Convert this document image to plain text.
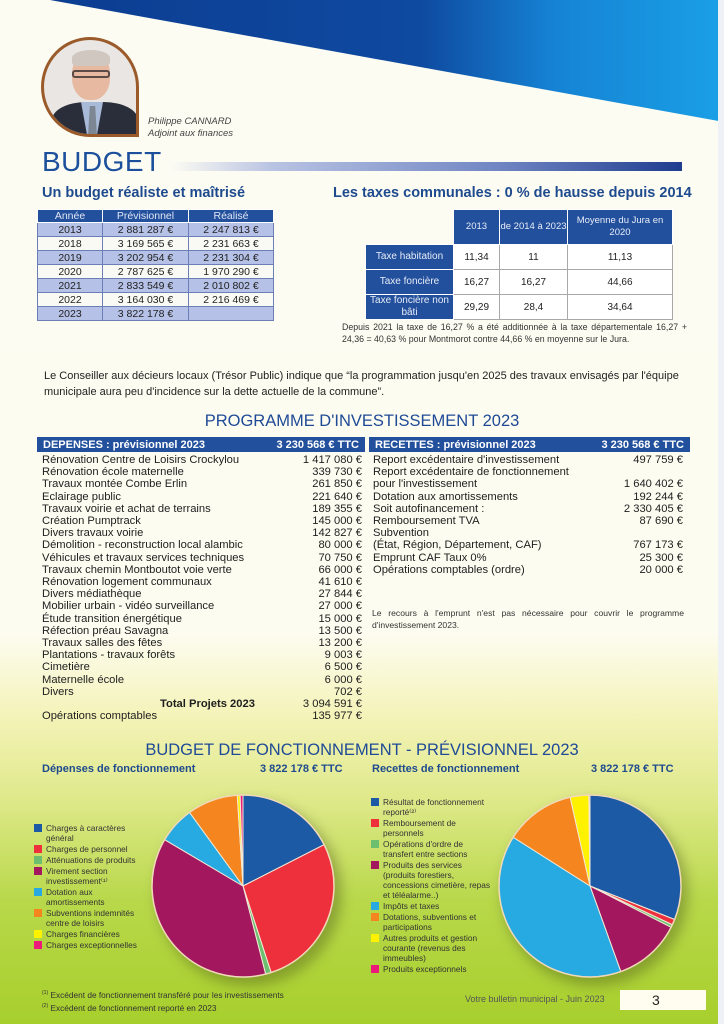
Philippe CANNARD
Adjoint aux finances
BUDGET
Un budget réaliste et maîtrisé
Année	Prévisionnel	Réalisé
2013	2 881 287 €	2 247 813 €
2018	3 169 565 €	2 231 663 €
2019	3 202 954 €	2 231 304 €
2020	2 787 625 €	1 970 290 €
2021	2 833 549 €	2 010 802 €
2022	3 164 030 €	2 216 469 €
2023	3 822 178 €	
Les taxes communales : 0 % de hausse depuis 2014
	2013	de 2014 à 2023	Moyenne du Jura en 2020
Taxe habitation	11,34	11	11,13
Taxe foncière	16,27	16,27	44,66
Taxe foncière non bâti	29,29	28,4	34,64
Depuis 2021 la taxe de 16,27 % a été additionnée à la taxe départementale 16,27 + 24,36 = 40,63 % pour Montmorot contre 44,66 % en moyenne sur le Jura.
Le Conseiller aux décieurs locaux (Trésor Public) indique que “la programmation jusqu'en 2025 des travaux envisagés par l'équipe municipale aura peu d'incidence sur la dette actuelle de la commune”.
PROGRAMME D'INVESTISSEMENT 2023
DEPENSES : prévisionnel 2023	3 230 568 € TTC
Rénovation Centre de Loisirs Crockylou	1 417 080 €
Rénovation école maternelle	339 730 €
Travaux montée Combe Erlin	261 850 €
Eclairage public	221 640 €
Travaux voirie et achat de terrains	189 355 €
Création Pumptrack	145 000 €
Divers travaux voirie	142 827 €
Démolition - reconstruction local alambic	80 000 €
Véhicules et travaux services techniques	70 750 €
Travaux chemin Montboutot voie verte	66 000 €
Rénovation logement communaux	41 610 €
Divers médiathèque	27 844 €
Mobilier urbain - vidéo surveillance	27 000 €
Étude transition énergétique	15 000 €
Réfection préau Savagna	13 500 €
Travaux salles des fêtes	13 200 €
Plantations - travaux forêts	9 003 €
Cimetière	6 500 €
Maternelle école	6 000 €
Divers	702 €
Total Projets 2023	3 094 591 €
Opérations comptables	135 977 €
RECETTES : prévisionnel 2023	3 230 568 € TTC
Report excédentaire d'investissement	497 759 €
Report excédentaire de fonctionnement
pour l'investissement	1 640 402 €
Dotation aux amortissements	192 244 €
Soit autofinancement :	2 330 405 €
Remboursement TVA	87 690 €
Subvention
(État, Région, Département, CAF)	767 173 €
Emprunt CAF Taux 0%	25 300 €
Opérations comptables (ordre)	20 000 €
Le recours à l'emprunt n'est pas nécessaire pour couvrir le programme d'investissement 2023.
BUDGET DE FONCTIONNEMENT - PRÉVISIONNEL 2023
Dépenses de fonctionnement	3 822 178 € TTC	Recettes de fonctionnement	3 822 178 € TTC
Charges à caractères général
Charges de personnel
Atténuations de produits
Virement section investissement⁽¹⁾
Dotation aux amortissements
Subventions indemnités centre de loisirs
Charges financières
Charges exceptionnelles
Résultat de fonctionnement reporté⁽²⁾
Remboursement de personnels
Opérations d'ordre de transfert entre sections
Produits des services (produits forestiers, concessions cimetière, repas et téléalarme..)
Impôts et taxes
Dotations, subventions et participations
Autres produits et gestion courante (revenus des immeubles)
Produits exceptionnels
$^{(1)}$ Excédent de fonctionnement transféré pour les investissements
$^{(2)}$ Excédent de fonctionnement reporté en 2023
Votre bulletin municipal - Juin 2023	3
